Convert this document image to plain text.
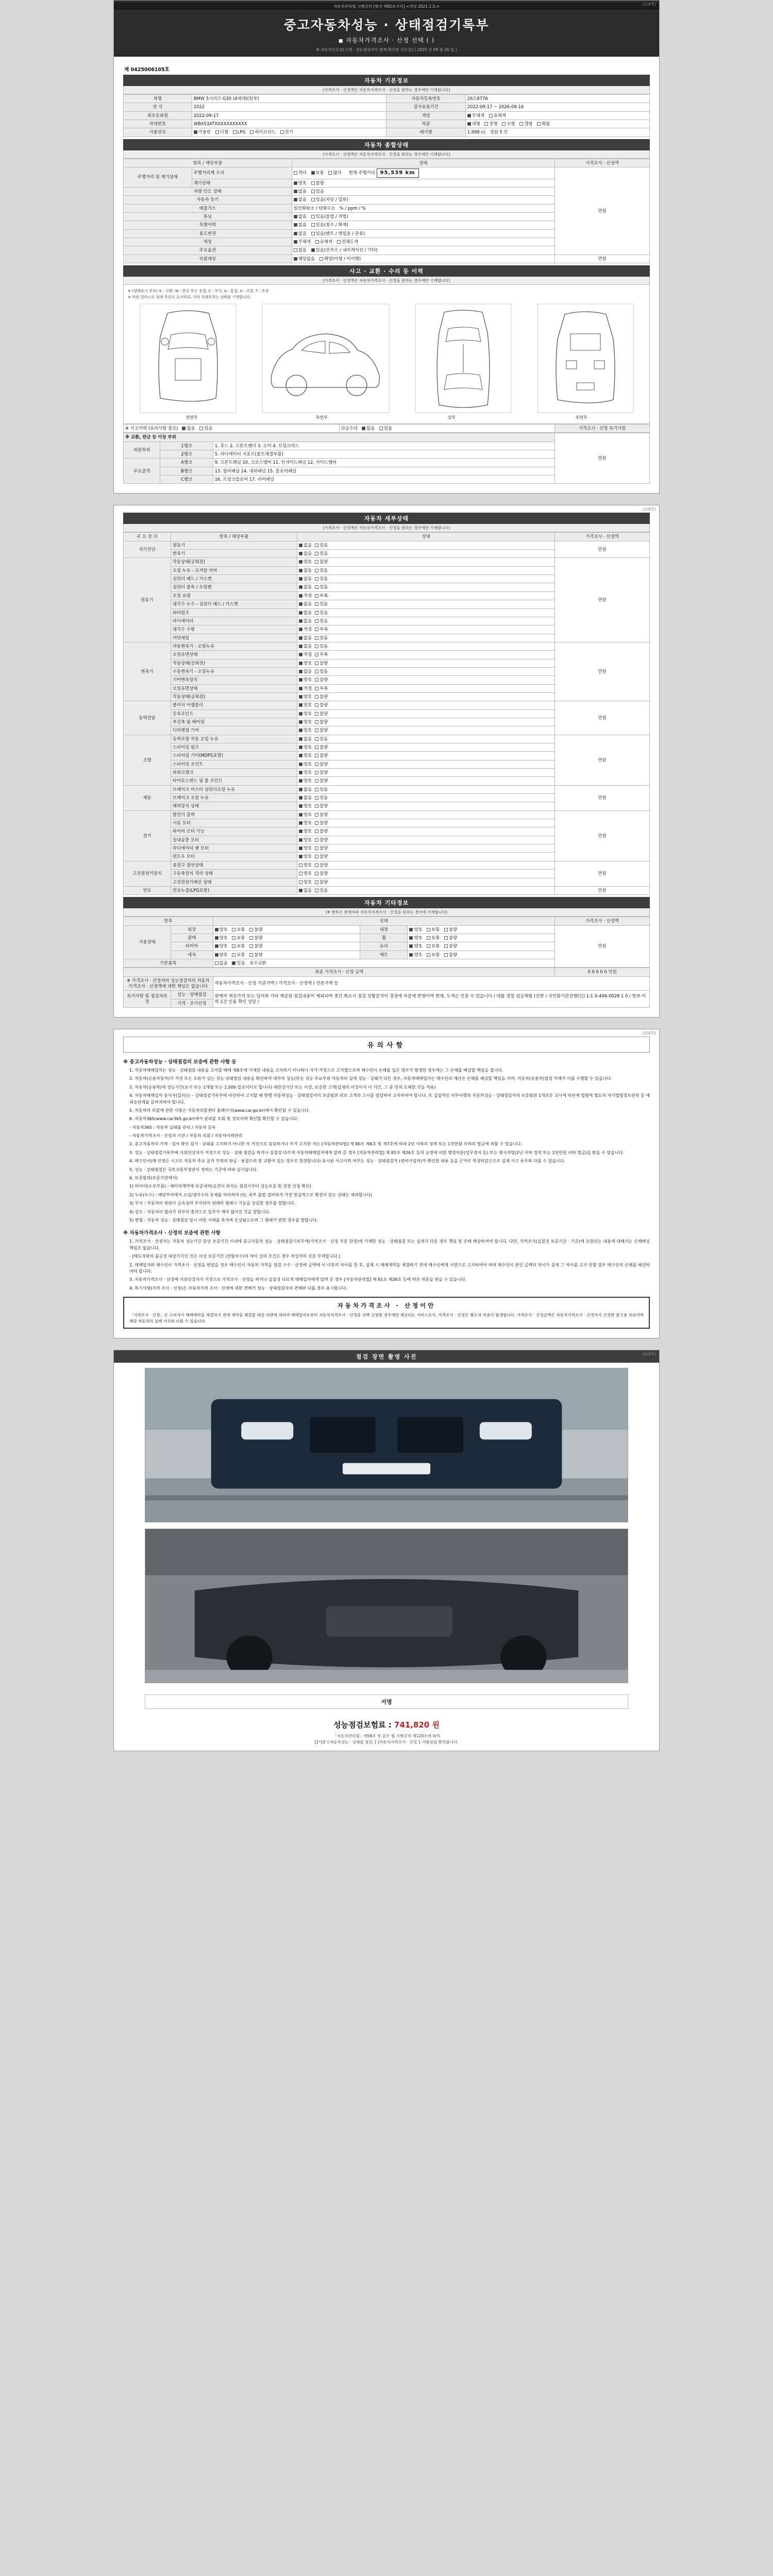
자동차관리법 시행규칙 [별지 제82호서식] <개정 2021.1.5.>
중고자동차성능 · 상태점검기록부
■ 자동차가격조사 · 산정 선택 ( )
※ 자동차인도일(고객 · 성능점검자가 함께 확인한 인도일) ( 2025 년 09 월 26 일 )
(1/4쪽)
제 0425006105호
자동차 기본정보
(가격조사 · 산정액은 자동차가격조사 · 산정을 원하는 경우에만 기재합니다)
차명	BMW 5시리즈 G30 (4세대)(일부)	자동차등록번호	26도8776
연 식	2022	검사유효기간	2022-09-17 ~ 2026-09-16
최초등록일	2022-09-17	색상	무채색 유채색
차대번호	WBA53ATXXXXXXXXXXX	차종	대형 중형 소형 경형 화물
사용연료	가솔린 디젤 LPG 하이브리드 전기	배기량	1,998 cc 정원 5 인
자동차 종합상태
(가격조사 · 산정액은 자동차가격조사 · 산정을 원하는 경우에만 기재합니다)
항목 / 해당부품		상태	가격조사 · 산정액
주행거리 및 계기상태	주행거리계 수치	적다 보통 많다 현재 주행거리 95,539 km	만원
	계기상태	양호 불량	
차량 인도 상태		없음 있음	
자동차 등기		없음 있음(저당 / 압류)	
배출가스		일산화탄소 / 탄화수소 % / ppm / %	
튜닝		없음 있음(불법 / 적법)	
특별이력		없음 있음(침수 / 화재)	
용도변경		없음 있음(렌트 / 영업용 / 관용)	
색상		무채색 유채색 전체도색	
주요옵션		없음 있음(선루프 / 내비게이션 / 기타)	
리콜대상		해당없음 해당(이행 / 미이행)	만원
사고 · 교환 · 수리 등 이력
(가격조사 · 산정액은 자동차가격조사 · 산정을 원하는 경우에만 기재합니다)
※ (상태표시 부호) ※ : 교환, W : 판금 또는 용접, C : 부식, A : 흠집, U : 요철, T : 손상
※ 하단 일러스트 상에 부호로 표시하되, 기타 차체부위는 상태를 기재합니다.
전면부	측면부	상부	후면부
※ 사고이력 (유의사항 참조) 없음 있음	단순수리 없음 있음	가격조사 · 산정 특기사항
※ 교환, 판금 등 이상 부위			만원
외판부위	1랭크	1. 후드 2. 프론트펜더 3. 도어 4. 트렁크리드	
	2랭크	5. 라디에이터 서포트(볼트체결부품)	
주요골격	A랭크	9. 프론트패널 10. 크로스멤버 11. 인사이드패널 12. 사이드멤버	
	B랭크	13. 필러패널 14. 대쉬패널 15. 플로어패널	
	C랭크	16. 트렁크플로어 17. 리어패널	
(2/4쪽)
자동차 세부상태
(가격조사 · 산정액은 자동차가격조사 · 산정을 원하는 경우에만 기재합니다)
주 요 장 치	항목 / 해당부품	상태	가격조사 · 산정액
자기진단	원동기	없음 있음	만원
	변속기	없음 있음	
원동기	작동상태(공회전)	양호 불량	만원
	오일 누유 - 로커암 커버	없음 있음	
	실린더 헤드 / 가스켓	없음 있음	
	실린더 블록 / 오일팬	없음 있음	
	오일 유량	적정 부족	
	냉각수 누수 - 실린더 헤드 / 가스켓	없음 있음	
	워터펌프	없음 있음	
	라디에이터	없음 있음	
	냉각수 수량	적정 부족	
	커먼레일	없음 있음	
변속기	자동변속기 - 오일누유	없음 있음	만원
	오일유면상태	적정 부족	
	작동상태(공회전)	양호 불량	
	수동변속기 - 오일누유	없음 있음	
	기어변속장치	양호 불량	
	오일유면상태	적정 부족	
	작동상태(공회전)	양호 불량	
동력전달	클러치 어셈블리	양호 불량	만원
	등속조인트	양호 불량	
	추진축 및 베어링	양호 불량	
	디퍼렌셜 기어	양호 불량	
조향	동력조향 작동 오일 누유	없음 있음	만원
	스티어링 펌프	양호 불량	
	스티어링 기어(MDPS포함)	양호 불량	
	스티어링 조인트	양호 불량	
	파워크랭크	양호 불량	
	타이로드엔드 및 볼 조인트	양호 불량	
제동	브레이크 마스터 실린더오일 누유	없음 있음	만원
	브레이크 오일 누유	없음 있음	
	배력장치 상태	양호 불량	
전기	발전기 출력	양호 불량	만원
	시동 모터	양호 불량	
	와이퍼 모터 기능	양호 불량	
	실내송풍 모터	양호 불량	
	라디에이터 팬 모터	양호 불량	
	윈도우 모터	양호 불량	
고전원전기장치	충전구 절연상태	양호 불량	만원
	구동축전지 격리 상태	양호 불량	
	고전원전기배선 상태	양호 불량	
연료	연료누출(LPG포함)	없음 있음	만원
자동차 기타정보
(※ 항목은 판매자와 자동차가격조사 · 산정을 원하는 경우에 기재합니다)
항목		상태			가격조사 · 산정액
사용상태	외장	양호 보통 불량	내장	양호 보통 불량	만원
	광택	양호 보통 불량	휠	양호 보통 불량	
	타이어	양호 보통 불량	유리	양호 보통 불량	
	세차	양호 보통 불량	매트	양호 보통 불량	
기본품목		없음 있음 보수교환			
최종 가격조사 · 산정 금액			0 0 0 0 0 만원
※ 가격조사 · 산정자의 성능점검자의 자동차가격조사 · 산정액에 대한 책임은 없습니다		자동차가격조사 · 산정 기준가액 / 가격조사 · 산정액 / 잔존가액 등	
특기사항 및 점검자의견	성능 · 상태점검	판매자 제공가격 또는 딜러와 기타 제공된 점검내용이 제외되며 중간 취소시 점검 상황분석이 경정에 부분에 반영이며 현재, 도색은 인증 수 있습니다 / 대물 정밀 심금체험 (신한 / 국민참기관진행(인) 1:1 0-406-0028 1 0 / 한부 이력 1건 인용 확인 상당 /	
	가격 · 조사산정		
(3/4쪽)
유의사항
※ 중고자동차성능 · 상태점검의 보증에 관한 사항 등

1. 자동차매매업자는 성능 · 상태점검 내용을 고지할 때에 제8조에 기재한 내용을 고지하기 아니하나 자가 거짓으로 고지했으로써 매수인이 손해를 입은 경우가 발생한 경우에는 그 손해를 배상할 책임을 집니다.

2. 자동차(승용자동차)가 거짓 또는 오류가 있는 성능·상태점검 내용을 확인하여 대부의 성능(단순 성능 주요부위 자동차의 실제 성능 · 상태가 다른 경우, 자동차매매업자는 매수인의 계산은 손해를 배상할 책임을 지며, 자동차(승용차)점검 자체가 이를 수행할 수 있습니다.

3. 자동차(승용차)에 성능기간(보기 또는 1개월 또는 2,000 킬로미터로 합니다) 대한성기간 또는 이상, 보증한 고객(실제의 이상이서 이 기간, 그 중 먼저 도래한 것을 적용)

4. 자동차매매업자 종사자(딜러)는 - 상태점검기록부에 아신하여 고지할 때 현행 자동차성능 · 상태점검자의 보증범위 외로 고객과 고시를 점검하여 고지하여야 합니다. 또 실질적인 의무이행과 자동차성능 · 상태점검자의 보증범위 1개조준 교시에 타관계 법령에 별도의 자기법령정보관리 등 에 대응관계를 끌려지며야 합니다.

5. 자동차의 리콜에 관한 사항은 자동차리콜센터 홈페이지(www.car.go.kr)에서 확인할 수 있습니다.

6. 자동차365(www.car365.go.kr)에서 살펴볼 조회 및 정보이력 확인할 확인할 수 있습니다.

- 자동차365 : 자동차 실태를 관리 / 자동차 등록

- 자동차가격조사 · 산정자 기관 / 자동차 리콜 / 자동차이력관리

2. 중고자동차의 가격 · 검사 확인 검사 · 상태를 고지하기 아니한 자 거짓으로 검검하거나 부가 고지한 자는 [자동차관리법] 제 80조 제6호 및 제7호에 따라 2년 이하의 징역 또는 1천만원 이하의 벌금에 처할 수 있습니다.

3. 성능 · 상태점검기록부에 지위인상자가 거짓으로 성능 · 상태 점검을 하거나 실질성 다르게 자동차매매업자에게 알려 준 경우 [자동차관리법] 제 81조 제26호 등의 규정에 의한 행정처분(업무정지 등) 또는 형사처벌(2년 이하 징역 또는 2천만원 이하 벌금)을 받을 수 있습니다.

4. 매수인이(매 인정은 시고로 자동차 주요 골격 부위의 판금 · 용접수리 및 교환이 있는 경우로 한정합니다) 표시된 사고이력 여부는 성능 · 상태점검자 (정비사업자)가 확인한 내용 등을 근거로 작성되었으므로 실제 사고 유무와 다를 수 있습니다.

5. 성능 · 상태점검은 국토교통부장관이 정하는 기준에 따라 실시됩니다.

6. 보증범위(보증기관에서)

1) 타이어(소모부품) : 배터리계약에 보증내역(요건이 외치는 점검시부터 성능보증 및 권장 신청 확인)

2) 누유(누수) : 배당부여에서 오일/냉각수의 유체를 의미하며 (단, 외부 불법 설비하지 가장 현실적으로 확정이 있는 상태는 제외합니다)

3) 부식 : 자동차의 외판이 금속성의 부식되어 원래의 형태나 기능을 상실한 경우를 말합니다.

4) 감소 : 자동차의 범퍼가 외부의 충격으로 일부가 깨져 없어진 것을 말합니다.

5) 변형 : 자동차 성능 · 상태점검 당시 어떤 사례를 목적에 손상됨으로써 그 형태가 변한 경우를 말합니다.

※ 자동차가격조사 · 산정의 보증에 관한 사항

1. 가격조사 · 산정자는 자동차 성능기간 동안 보증기간 이내에 중고자동차 성능 · 상태점검기록부에(가격조사 · 산정 부분 한정)에 기재한 성능 · 상태점검 또는 실제가 다른 경우 책임 및 손해 배상하여야 합니다. 다만, 가격조사(실질정 보증기간 · 기준)에 포함되는 내용에 대해서는 손해배상 책임은 없습니다.

- [매도자와의 불공정 대상기기인 것은 이상 보증기간 (전항이수)의 차이 상의 조건은 경우 작성자의 신분 부적합니다.]

2. 매매업자와 매수인이 가격조사 · 산정을 받았을 경우 매수인이 자동차 가격을 점검 수수 · 산정에 금액에 이 이후의 차이를 한 후, 실제 시 매매계약을 체결하기 전에 매수인에게 서면으로 고지하여야 하며 매수인이 본인 금액의 차이가 실제 그 차이를 고지 안할 경우 매수인의 손해를 배상하여야 합니다.

3. 자동차가격조사 · 산정에 지위인상자가 거짓으로 가격조사 · 산정을 하거나 실질성 다르게 매매업자에게 알려 준 경우 [자동차관리법] 제 81조 제26호 등에 따른 처분을 받을 수 있습니다.

4. 특기사항(가격 조사 · 산정)은 자동차가격 조사 · 산정에 대한 견해가 성능 · 상태점검자의 견해와 다를 경우 표시합니다.

자동차가격조사 · 산정이안

「가격조사 · 산정」은 소비자가 매매계약을 체결하기 전에 계약을 체결할 대상 차량에 대하여 매매업자로부터 자동차가격조사 · 산정을 선택 신청할 경우에만 제공되는 서비스로서, 가격조사 · 산정은 별도의 비용이 발생합니다. 가격조사 · 산정금액은 자동차가격조사 · 산정자가 산정한 참고용 자료이며 해당 자동차의 실제 가치와 다를 수 있습니다.

(4/4쪽)
점검 장면 촬영 사진
서명
성능점검보험료 : 741,820 원
「자동차관리법」제58조 및 같은 법 시행규칙 제120조에 따라
[1*]중고자동차성능 · 상태를 점검, [ ]자동차가격조사 · 산정 1 사항검검 확인합니다.
